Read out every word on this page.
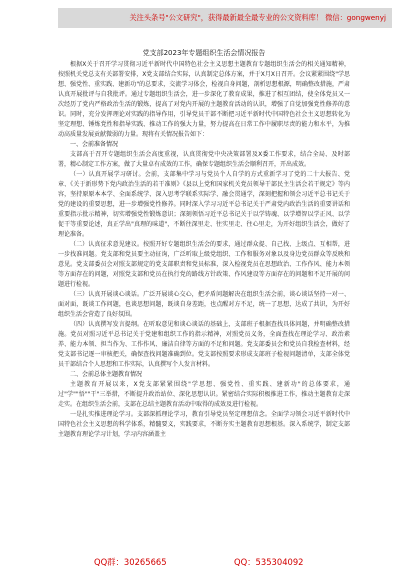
关注头条号"公文研究"，获得最新最全最专业的公文资料库！ 微信：gongwenyj
党支部2023年专题组织生活会情况报告

根据X关于召开学习贯彻习近平新时代中国特色社会主义思想主题教育专题组织生活会的相关通知精神，按照机关党总支有关部署安排，X党支部结合实际，认真制定总体方案，并于X月X日召开。会议紧紧围绕"学思想、强党性、重实践、建新功"的总要求，交流学习体会，检视自身问题，剖析思想根源，明确整改措施，严肃认真开展批评与自我批评。通过专题组织生活会，进一步深化了教育成果，推进了相互团结，使全体党员又一次经历了党内严格政治生活的锻炼，提高了对党内开展的主题教育活动的认识，增强了自觉加强党性修养的意识。同时，充分发挥理论对实践的指导作用，引导党员干部不断把习近平新时代中国特色社会主义思想转化为坚定理想、锤炼党性和指导实践、推动工作的强大力量，努力提高在日常工作中履职尽责的能力和水平，为推动高质量发展贡献微弱的力量。现将有关情况报告如下：

一、会前准备情况

支部高于召开专题组织生活会高度重视，认真贯彻党中央决策部署及X委工作要求，结合全局、及时部署，精心制定工作方案，做了大量卓有成效的工作，确保专题组织生活会顺利召开，开出成效。

（一）认真开展学习研讨。会前，支部集中学习与党员个人自学的方式重新学习了党的二十大报告、党章、《关于新形势下党内政治生活的若干准则》《县以上党和国家机关党员领导干部民主生活会若干规定》等内容，坚持原原本本学、全面系统学、深入思考学联系实际学、融会贯通学，深刻把握和领会习近平总书记关于党的建设的重要思想，进一步增强党性修养。同时深入学习习近平总书记关于严肃党内政治生活的重要讲话和重要指示批示精神，切实增强党性锻炼意识；深刻领悟习近平总书记关于以学铸魂、以学增智以学正风、以学促干等重要论述，真正学出"真理的味道"，不断往深里走、往实里走、往心里走，为开好组织生活会，做好了理论准备。

（二）认真征求意见建议。按照开好专题组织生活会的要求，通过群众提、自己找、上级点、互相帮，进一步找准问题。党支部和党员要主动征询，广泛听取上级党组织、工作和服务对象以及身边党员群众等反映和意见。党支部委员会对照支部规定的党支部职责和党员标准，深入检视党员在思想政治、工作作风、能力本领等方面存在的问题，对照党支部和党员在执行党的路线方针政策、作风建设等方面存在的问题和不足开展的问题进行检视。

（三）认真开展谈心谈话。广泛开展谈心交心，把矛盾问题解决在组织生活会前，谈心谈话坚持一对一、面对面，既谈工作问题，也谈思想问题，既谈自身差距，也点醒对方不足，统一了思想，达成了共识，为开好组织生活会营造了良好氛围。

（四）认真撰写发言提纲。在听取意见和谈心谈话的基础上，支部班子根据查找具体问题，并明确整改措施。党员对照习近平总书记关于党建和组织工作的指示精神，对照党员义务，全面查找在理论学习、政治素养、能力本领、担当作为、工作作风、廉洁自律等方面的不足和问题。党支部委员会和党员自我检查材料，经党支部书记逐一审核把关，确保查找问题准确到位。党支部按照要求形成支部班子检视问题清单，支部全体党员干部结合个人思想和工作实际，认真撰写个人发言材料。

二、会前总体主题教育情况

主题教育开展以来，X党支部紧紧围绕"学思想、强党性、重实践、建新功"的总体要求，通过"学""悟""干"三举措，不断提升政治站位、深化思想认识。紧密结合实际积极推进工作，推动主题教育走深走实。在组织生活会前，支部在总结主题教育活动中取得的成效及进行检视。

一是扎实推进理论学习。支部深抓理论学习，教育引导党员坚定理想信念。全面学习领会习近平新时代中国特色社会主义思想的科学体系，精髓要义，实践要求，不断夯实主题教育思想根基。深入系统学，制定支部主题教育理论学习计划，学习内容涵盖主

QQ群：30265665	QQ：535304092
